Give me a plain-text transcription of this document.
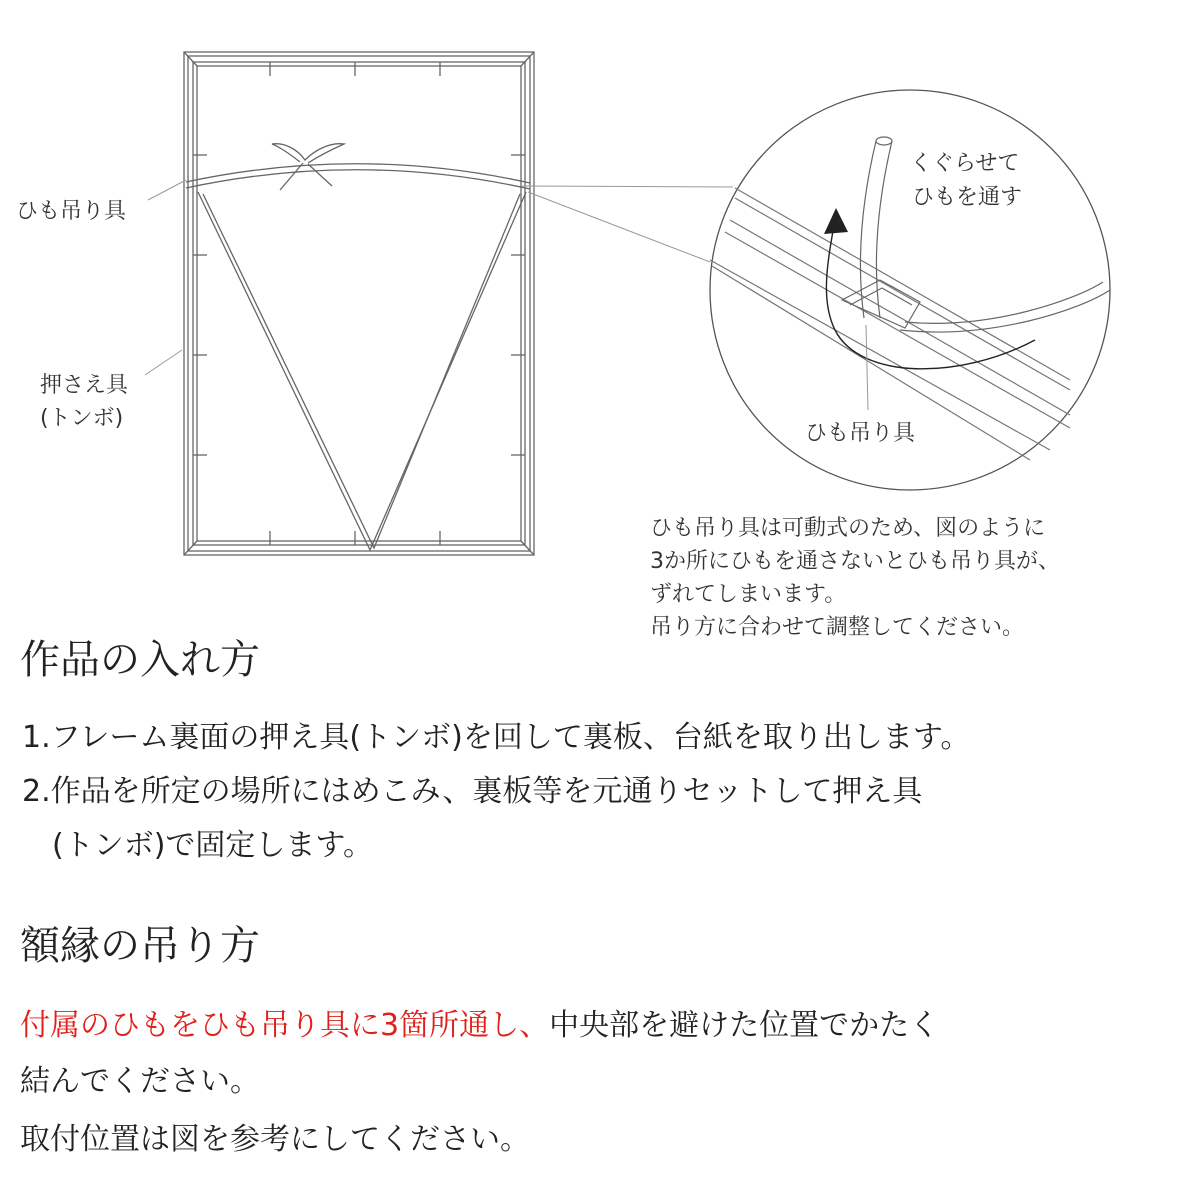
ひも吊り具
押さえ具
(トンボ)
くぐらせて
ひもを通す
ひも吊り具
ひも吊り具は可動式のため、図のように
3か所にひもを通さないとひも吊り具が、
ずれてしまいます。
吊り方に合わせて調整してください。
作品の入れ方
1.フレーム裏面の押え具(トンボ)を回して裏板、台紙を取り出します。
2.作品を所定の場所にはめこみ、裏板等を元通りセットして押え具
(トンボ)で固定します。
額縁の吊り方
付属のひもをひも吊り具に3箇所通し、中央部を避けた位置でかたく
結んでください。
取付位置は図を参考にしてください。
